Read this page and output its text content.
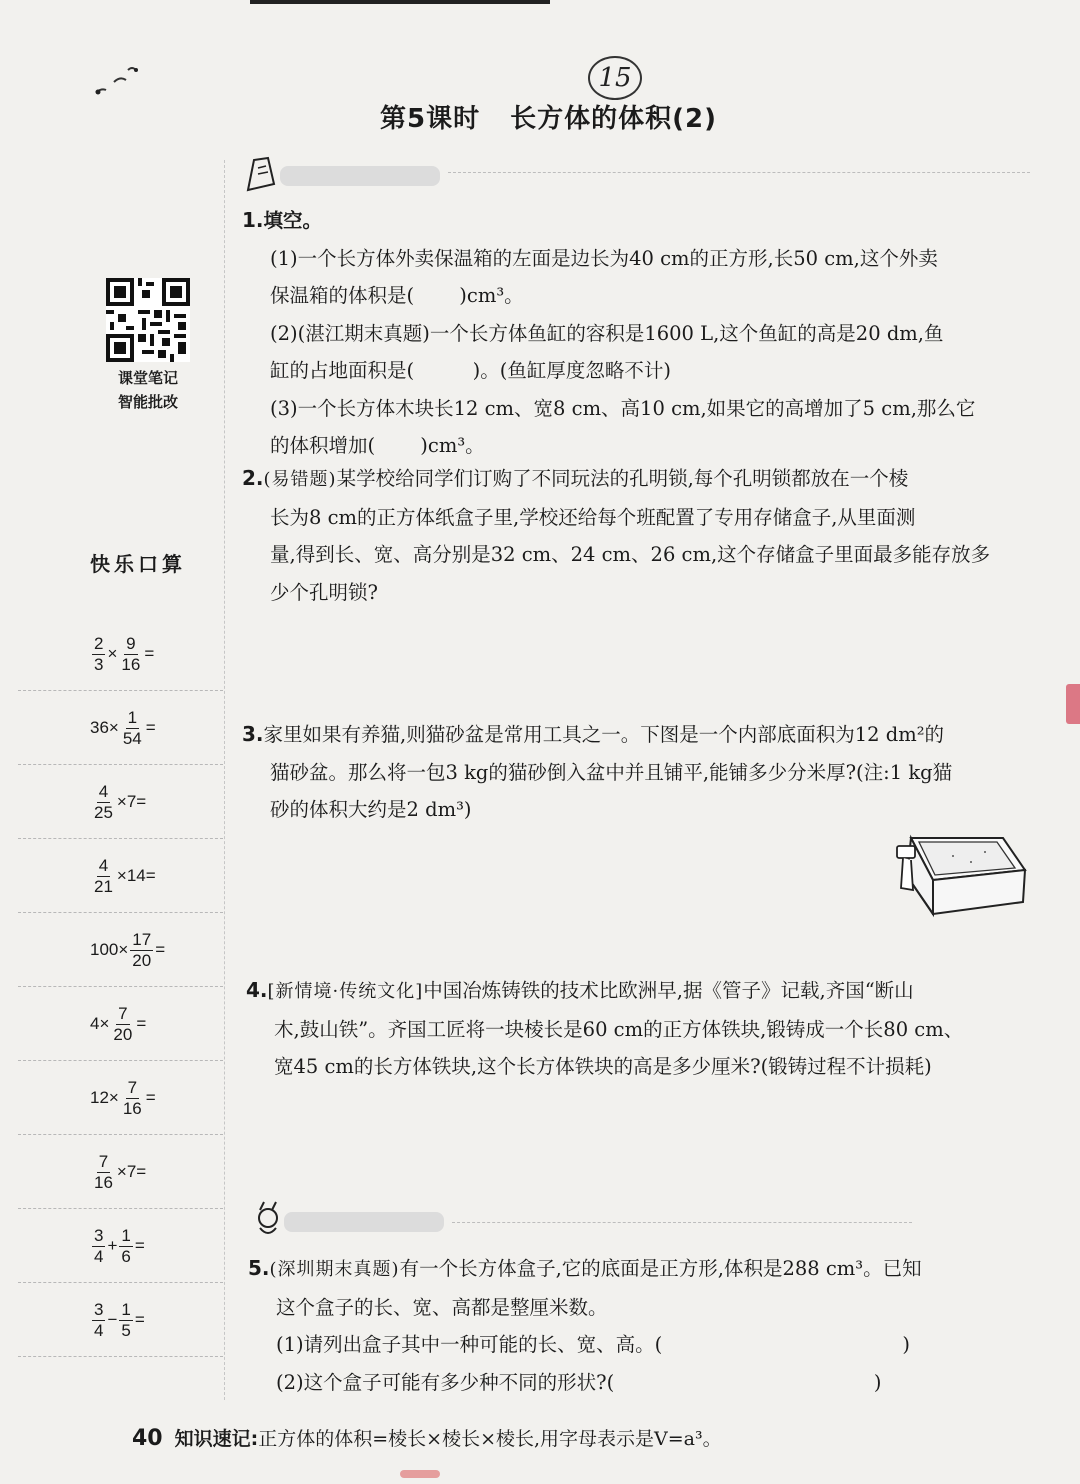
15
第5课时 长方体的体积(2)
课堂笔记
智能批改
快乐口算
$\frac{2}{3} \times \frac{9}{16}$ =
$36\times \frac{1}{54}$ =
$\frac{4}{25} \times 7=$
$\frac{4}{21} \times 14=$
$100\times \frac{17}{20}$ =
$4\times \frac{7}{20}$ =
$12\times \frac{7}{16}$ =
$\frac{7}{16} \times 7=$
$\frac{3}{4} + \frac{1}{6}$ =
$\frac{3}{4} - \frac{1}{5}$ =
1.填空。
(1)一个长方体外卖保温箱的左面是边长为40 cm的正方形,长50 cm,这个外卖
保温箱的体积是(　　 )cm³。
(2)(湛江期末真题)一个长方体鱼缸的容积是1600 L,这个鱼缸的高是20 dm,鱼
缸的占地面积是(　　　)。(鱼缸厚度忽略不计)
(3)一个长方体木块长12 cm、宽8 cm、高10 cm,如果它的高增加了5 cm,那么它
的体积增加(　　 )cm³。
2.(易错题)某学校给同学们订购了不同玩法的孔明锁,每个孔明锁都放在一个棱
长为8 cm的正方体纸盒子里,学校还给每个班配置了专用存储盒子,从里面测
量,得到长、宽、高分别是32 cm、24 cm、26 cm,这个存储盒子里面最多能存放多
少个孔明锁?
3.家里如果有养猫,则猫砂盆是常用工具之一。下图是一个内部底面积为12 dm²的
猫砂盆。那么将一包3 kg的猫砂倒入盆中并且铺平,能铺多少分米厚?(注:1 kg猫
砂的体积大约是2 dm³)
4.[新情境·传统文化]中国冶炼铸铁的技术比欧洲早,据《管子》记载,齐国“断山
木,鼓山铁”。齐国工匠将一块棱长是60 cm的正方体铁块,锻铸成一个长80 cm、
宽45 cm的长方体铁块,这个长方体铁块的高是多少厘米?(锻铸过程不计损耗)
5.(深圳期末真题)有一个长方体盒子,它的底面是正方形,体积是288 cm³。已知
这个盒子的长、宽、高都是整厘米数。
(1)请列出盒子其中一种可能的长、宽、高。(　　　　　　　　　　　　 )
(2)这个盒子可能有多少种不同的形状?(　　　　　　　　　　　　　 )
40 知识速记:正方体的体积=棱长×棱长×棱长,用字母表示是V=a³。
